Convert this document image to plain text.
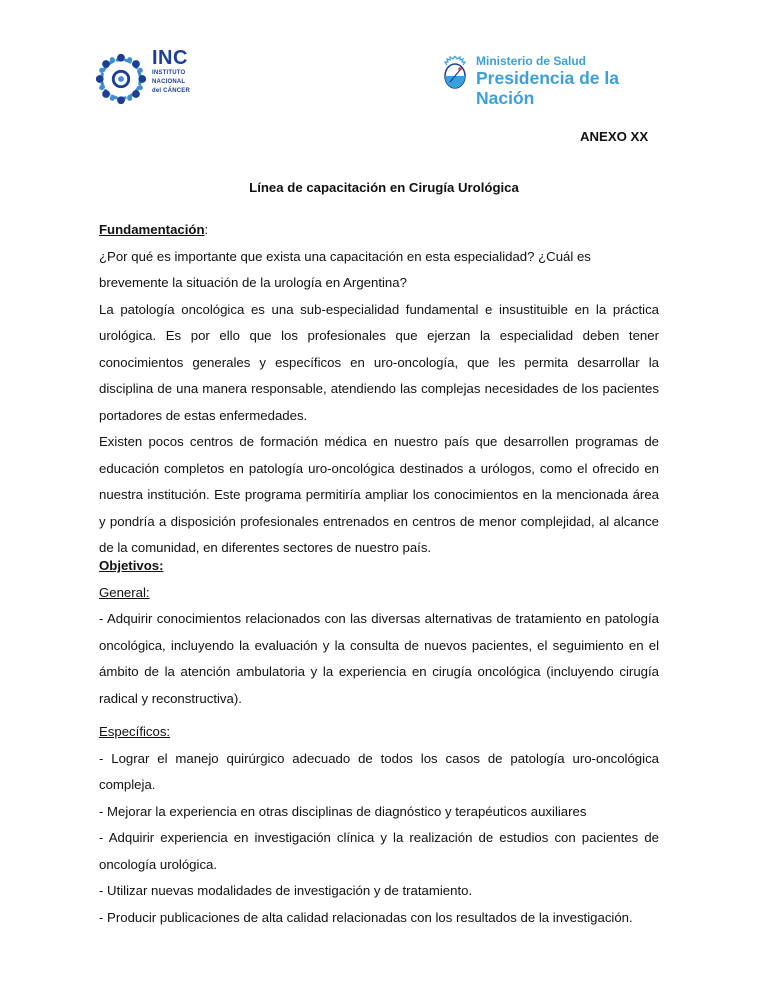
INC
INSTITUTO
NACIONAL
del CÁNCER
Ministerio de Salud
Presidencia de la Nación
ANEXO XX
Línea de capacitación en Cirugía Urológica

Fundamentación:

¿Por qué es importante que exista una capacitación en esta especialidad? ¿Cuál es brevemente la situación de la urología en Argentina?

La patología oncológica es una sub-especialidad fundamental e insustituible en la práctica urológica. Es por ello que los profesionales que ejerzan la especialidad deben tener conocimientos generales y específicos en uro-oncología, que les permita desarrollar la disciplina de una manera responsable, atendiendo las complejas necesidades de los pacientes portadores de estas enfermedades.

Existen pocos centros de formación médica en nuestro país que desarrollen programas de educación completos en patología uro-oncológica destinados a urólogos, como el ofrecido en nuestra institución. Este programa permitiría ampliar los conocimientos en la mencionada área y pondría a disposición profesionales entrenados en centros de menor complejidad, al alcance de la comunidad, en diferentes sectores de nuestro país.

Objetivos:

General:

- Adquirir conocimientos relacionados con las diversas alternativas de tratamiento en patología oncológica, incluyendo la evaluación y la consulta de nuevos pacientes, el seguimiento en el ámbito de la atención ambulatoria y la experiencia en cirugía oncológica (incluyendo cirugía radical y reconstructiva).

Específicos:

- Lograr el manejo quirúrgico adecuado de todos los casos de patología uro-oncológica compleja.

- Mejorar la experiencia en otras disciplinas de diagnóstico y terapéuticos auxiliares

- Adquirir experiencia en investigación clínica y la realización de estudios con pacientes de oncología urológica.

- Utilizar nuevas modalidades de investigación y de tratamiento.

- Producir publicaciones de alta calidad relacionadas con los resultados de la investigación.
